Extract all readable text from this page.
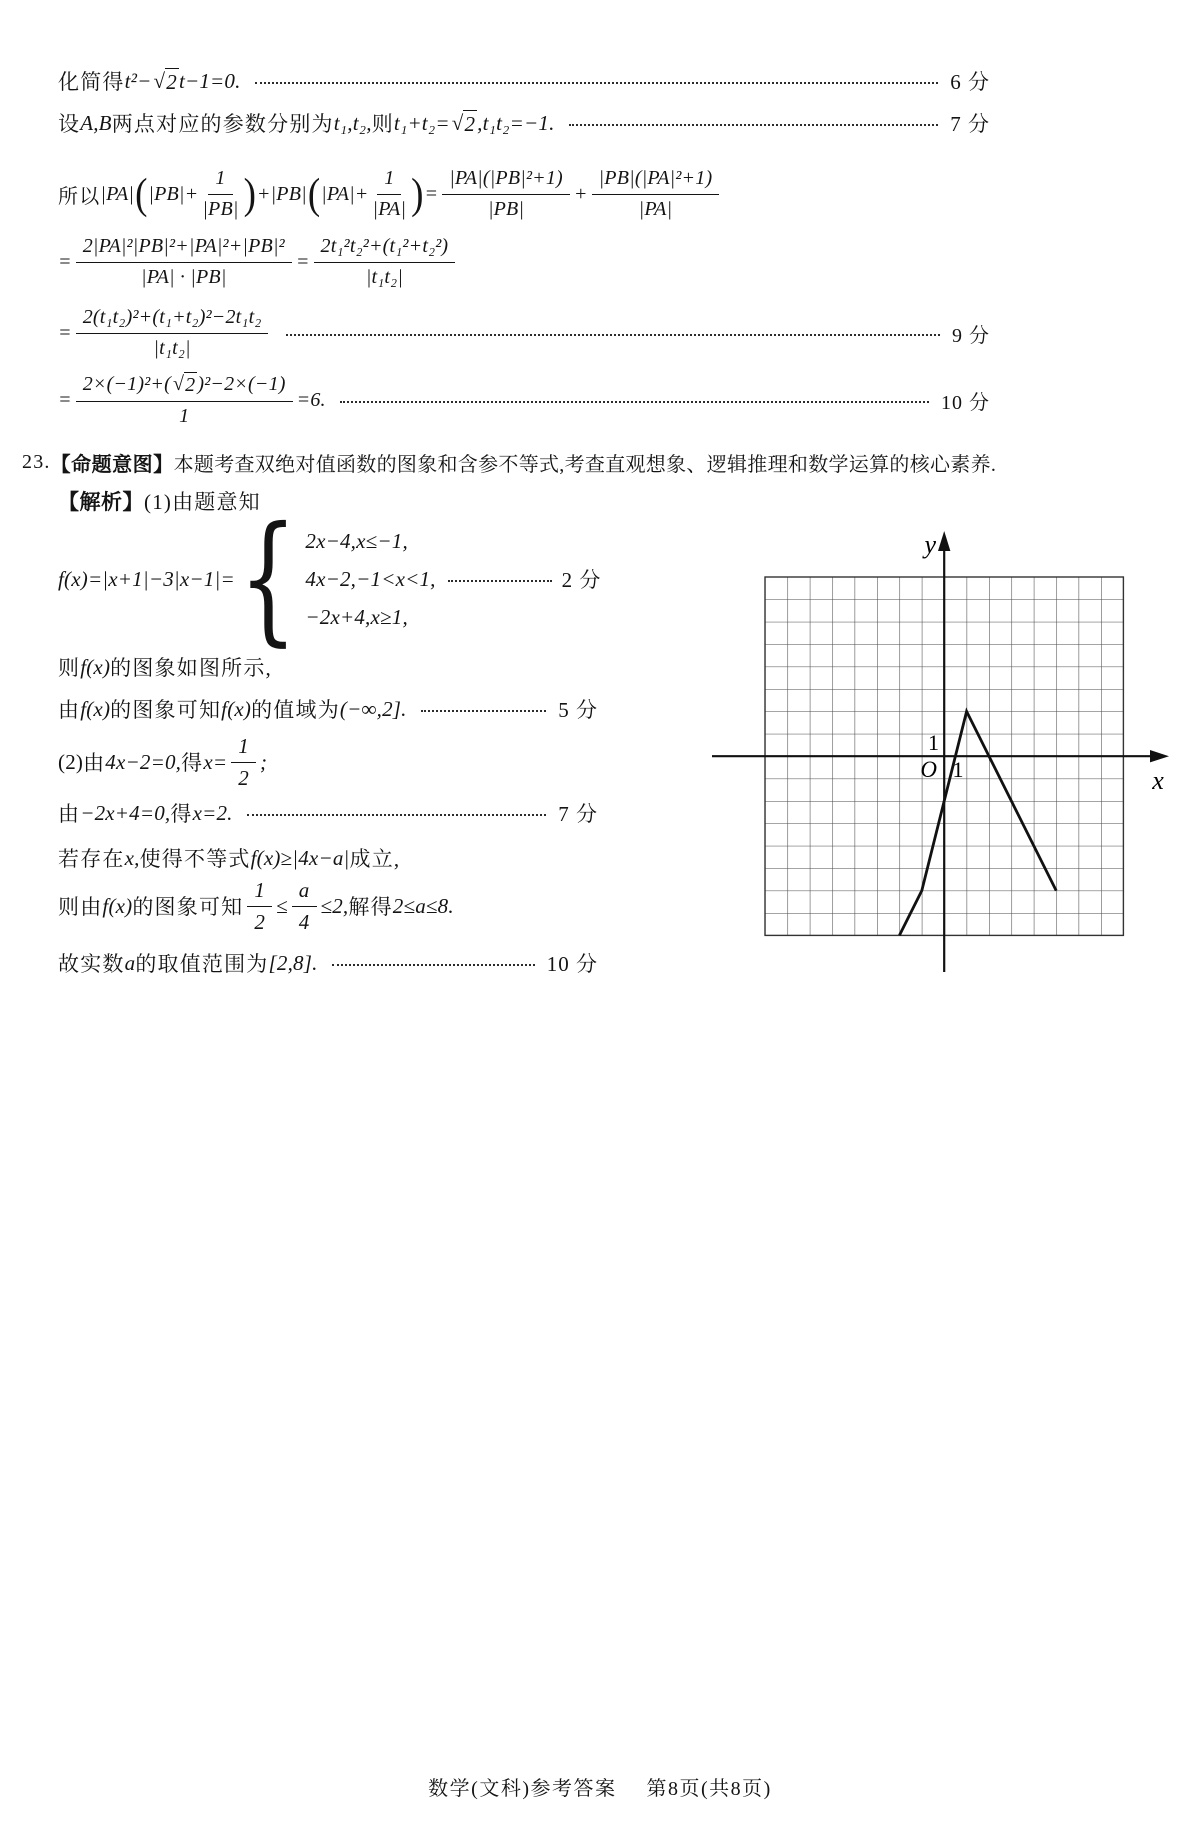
化简得 t²− √ 2 t−1=0.	6 分
设 A,B 两点对应的参数分别为 t₁,t₂, 则 t₁+t₂= √ 2 ,t₁t₂=−1.	7 分
所以 |PA| ( $|PB|+ \frac{1}{|PB|}$ ) +|PB| ( $|PA|+ \frac{1}{|PA|}$ ) = $\frac{\text{|PA|(|PB|²+1)}}{|PB|} + \frac{\text{|PB|(|PA|²+1)}}{|PA|}$
= $\frac{\text{2|PA|²|PB|²+|PA|²+|PB|²}}{|PA| \cdot |PB|} = \frac{\text{2t₁²t₂²+(t₁²+t₂²)}}{\text{|t₁t₂|}}$
= $\frac{\text{2(t₁t₂)²+(t₁+t₂)²−2t₁t₂}}{\text{|t₁t₂|}}$	9 分
= $\frac{\text{2×(−1)²+( √ 2 )²−2×(−1)}}{1} =6$.	10 分
23. 【命题意图】 本题考查双绝对值函数的图象和含参不等式,考查直观想象、逻辑推理和数学运算的核心素养.
【解析】 (1)由题意知
f(x)=|x+1|−3|x−1|= { 2x−4,x≤−1,
4x−2,−1<x<1,	2 分
−2x+4,x≥1,
则 f(x) 的图象如图所示,
由 f(x) 的图象可知 f(x) 的值域为 (−∞,2].	5 分
(2) 由 4x−2=0, 得 $x= \frac{1}{2}$ ;
由 −2x+4=0, 得 x=2.	7 分
若存在 x, 使得不等式 f(x)≥|4x−a| 成立,
则由 f(x) 的图象可知 $\frac{1}{2} \le \frac{a}{4} \le 2$, 解得 2≤a≤8.
故实数 a 的取值范围为 [2,8].	10 分
y
x
O 1
1
数学(文科)参考答案 第8页(共8页)
